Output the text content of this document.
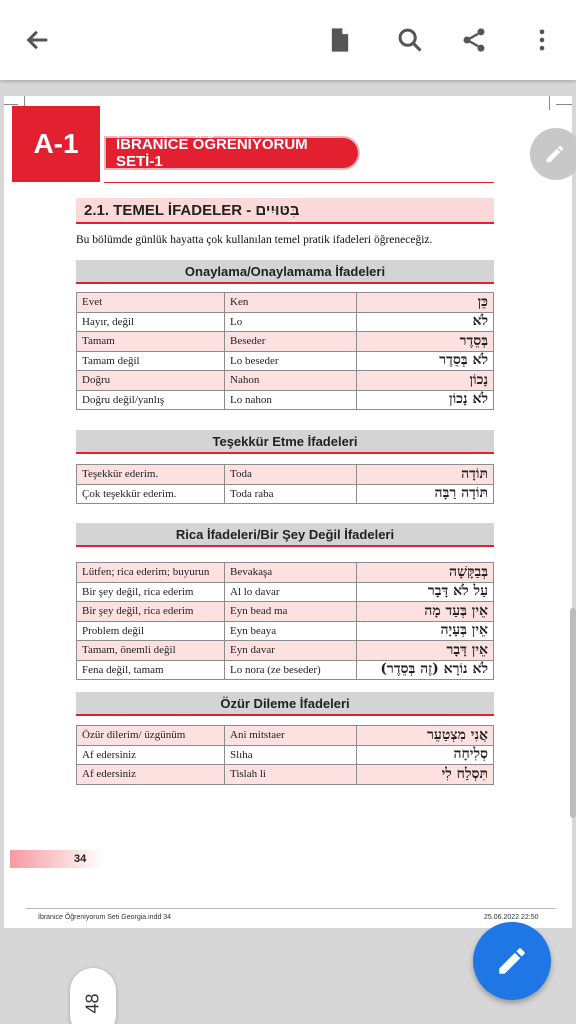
A-1	İBRANİCE ÖĞRENİYORUM SETİ-1
2.1. TEMEL İFADELER - בִּטּוּיִים
Bu bölümde günlük hayatta çok kullanılan temel pratik ifadeleri öğreneceğiz.
Onaylama/Onaylamama İfadeleri
Evet	Ken	כֵּן
Hayır, değil	Lo	לֹא
Tamam	Beseder	בְּסֵדֶר
Tamam değil	Lo beseder	לֹא בְּסֵדֶר
Doğru	Nahon	נָכוֹן
Doğru değil/yanlış	Lo nahon	לֹא נָכוֹן
Teşekkür Etme İfadeleri
Teşekkür ederim.	Toda	תּוֹדָה
Çok teşekkür ederim.	Toda raba	תּוֹדָה רַבָּה
Rica İfadeleri/Bir Şey Değil İfadeleri
Lütfen; rica ederim; buyurun	Bevakaşa	בְּבַקָּשָׁה
Bir şey değil, rica ederim	Al lo davar	עַל לֹא דָּבָר
Bir şey değil, rica ederim	Eyn bead ma	אֵין בְּעַד מָה
Problem değil	Eyn beaya	אֵין בְּעָיָה
Tamam, önemli değil	Eyn davar	אֵין דָּבָר
Fena değil, tamam	Lo nora (ze beseder)	לֹא נוֹרָא (זֶה בְּסֵדֶר)
Özür Dileme İfadeleri
Özür dilerim/ üzgünüm	Ani mitstaer	אֲנִי מִצְטַעֵר
Af edersiniz	Slıha	סְלִיחָה
Af edersiniz	Tislah li	תִּסְלַח לִי
34
İbranice Ö̆ğreniyorum Seti Georgia.indd 34	25.06.2022 22:50
48
